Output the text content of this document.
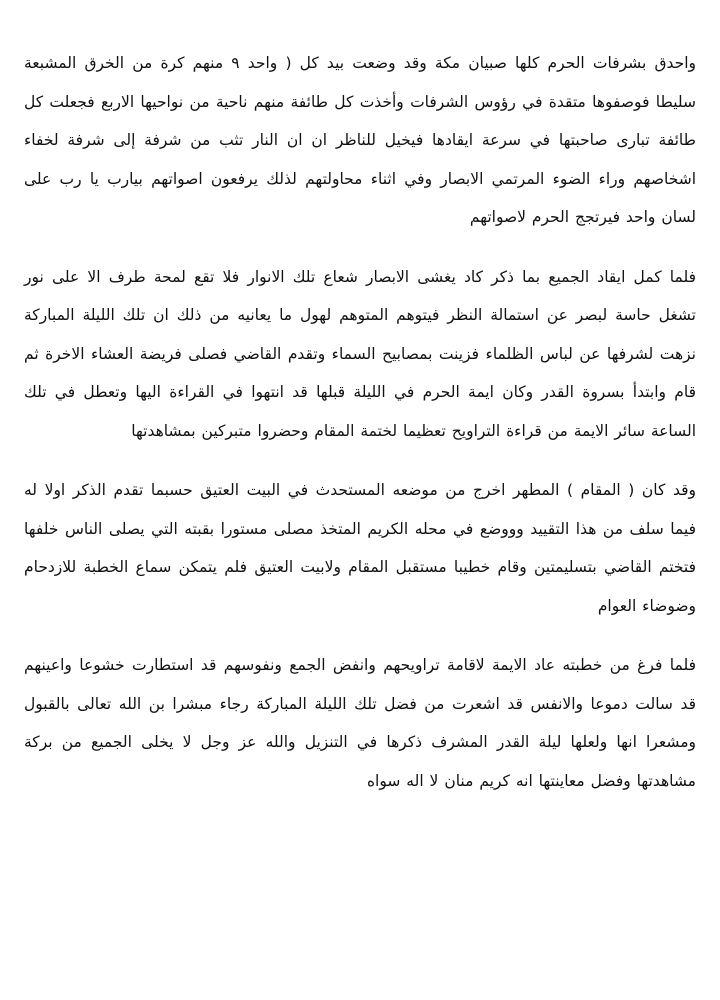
واحدق بشرفات الحرم كلها صبيان مكة وقد وضعت بيد كل ( واحد ٩ منهم كرة من الخرق المشبعة سليطا فوصفوها متقدة في رؤوس الشرفات وأخذت كل طائفة منهم ناحية من نواحيها الاربع فجعلت كل طائفة تبارى صاحبتها في سرعة ايقادها فيخيل للناظر ان ان النار تثب من شرفة إلى شرفة لخفاء اشخاصهم وراء الضوء المرتمي الابصار وفي اثناء محاولتهم لذلك يرفعون اصواتهم بيارب يا رب على لسان واحد فيرتجج الحرم لاصواتهم

فلما كمل ايقاد الجميع بما ذكر كاد يغشى الابصار شعاع تلك الانوار فلا تقع لمحة طرف الا على نور تشغل حاسة لبصر عن استمالة النظر فيتوهم المتوهم لهول ما يعانيه من ذلك ان تلك الليلة المباركة نزهت لشرفها عن لباس الظلماء فزينت بمصابيح السماء وتقدم القاضي فصلى فريضة العشاء الاخرة ثم قام وابتدأ بسروة القدر وكان ايمة الحرم في الليلة قبلها قد انتهوا في القراءة اليها وتعطل في تلك الساعة سائر الايمة من قراءة التراويح تعظيما لختمة المقام وحضروا متبركين بمشاهدتها

وقد كان ( المقام ) المطهر اخرج من موضعه المستحدث في البيت العتيق حسبما تقدم الذكر اولا له فيما سلف من هذا التقييد وووضع في محله الكريم المتخذ مصلى مستورا بقبته التي يصلى الناس خلفها فتختم القاضي بتسليمتين وقام خطيبا مستقبل المقام ولابيت العتيق فلم يتمكن سماع الخطبة للازدحام وضوضاء العوام

فلما فرغ من خطبته عاد الايمة لاقامة تراويحهم وانفض الجمع ونفوسهم قد استطارت خشوعا واعينهم قد سالت دموعا والانفس قد اشعرت من فضل تلك الليلة المباركة رجاء مبشرا بن الله تعالى بالقبول ومشعرا انها ولعلها ليلة القدر المشرف ذكرها في التنزيل والله عز وجل لا يخلى الجميع من بركة مشاهدتها وفضل معاينتها انه كريم منان لا اله سواه
